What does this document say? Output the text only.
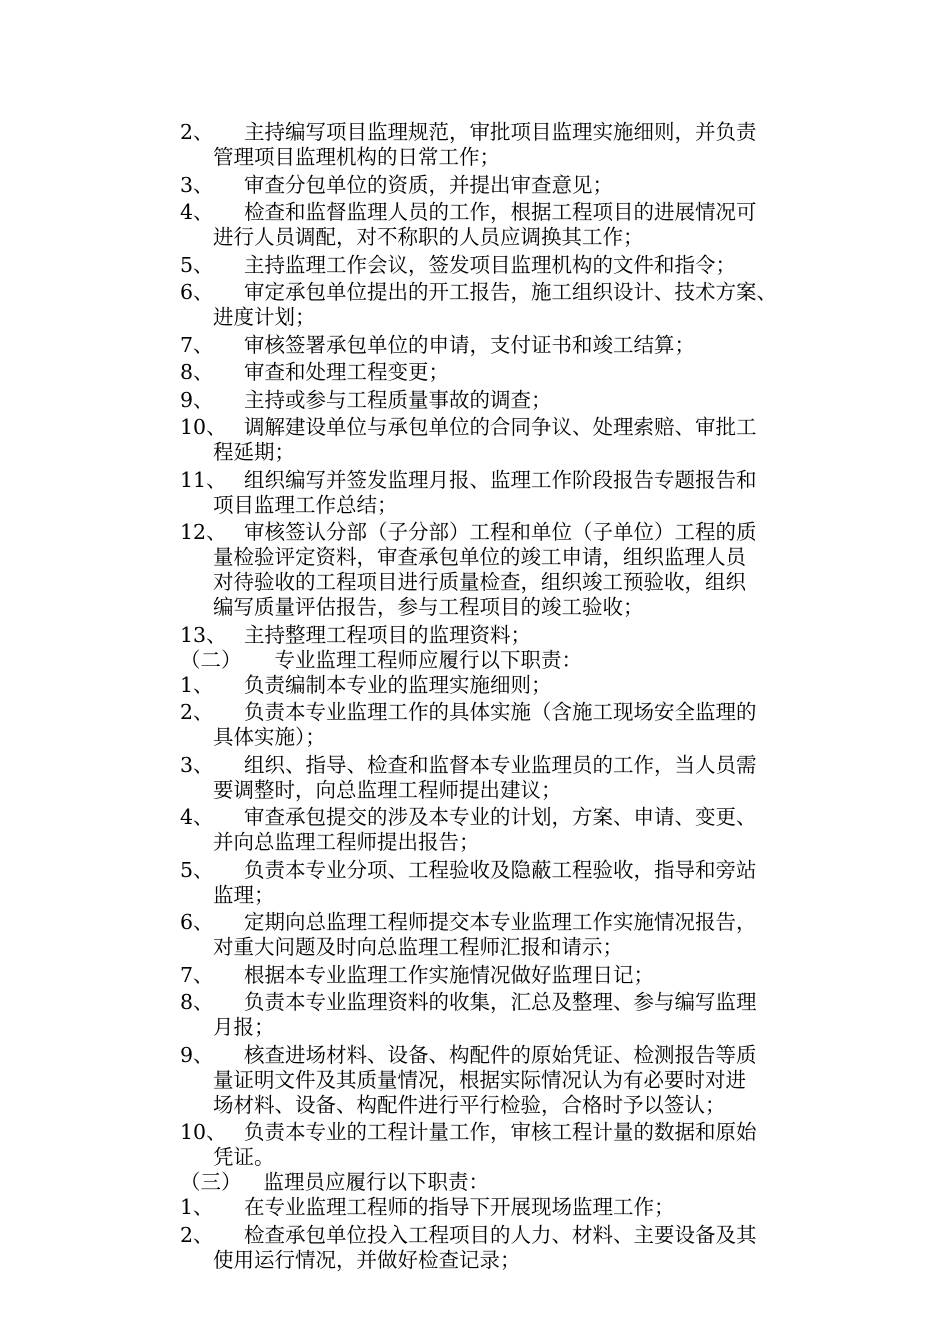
2、 主持编写项目监理规范，审批项目监理实施细则，并负责
管理项目监理机构的日常工作；

3、 审查分包单位的资质，并提出审查意见；

4、 检查和监督监理人员的工作，根据工程项目的进展情况可
进行人员调配，对不称职的人员应调换其工作；

5、 主持监理工作会议，签发项目监理机构的文件和指令；

6、 审定承包单位提出的开工报告，施工组织设计、技术方案、
进度计划；

7、 审核签署承包单位的申请，支付证书和竣工结算；

8、 审查和处理工程变更；

9、 主持或参与工程质量事故的调查；

10、 调解建设单位与承包单位的合同争议、处理索赔、审批工
程延期；

11、 组织编写并签发监理月报、监理工作阶段报告专题报告和
项目监理工作总结；

12、 审核签认分部（子分部）工程和单位（子单位）工程的质
量检验评定资料，审查承包单位的竣工申请，组织监理人员
对待验收的工程项目进行质量检查，组织竣工预验收，组织
编写质量评估报告，参与工程项目的竣工验收；

13、 主持整理工程项目的监理资料；

（二） 专业监理工程师应履行以下职责：

1、 负责编制本专业的监理实施细则；

2、 负责本专业监理工作的具体实施（含施工现场安全监理的
具体实施）；

3、 组织、指导、检查和监督本专业监理员的工作，当人员需
要调整时，向总监理工程师提出建议；

4、 审查承包提交的涉及本专业的计划，方案、申请、变更、
并向总监理工程师提出报告；

5、 负责本专业分项、工程验收及隐蔽工程验收，指导和旁站
监理；

6、 定期向总监理工程师提交本专业监理工作实施情况报告，
对重大问题及时向总监理工程师汇报和请示；

7、 根据本专业监理工作实施情况做好监理日记；

8、 负责本专业监理资料的收集，汇总及整理、参与编写监理
月报；

9、 核查进场材料、设备、构配件的原始凭证、检测报告等质
量证明文件及其质量情况，根据实际情况认为有必要时对进
场材料、设备、构配件进行平行检验，合格时予以签认；

10、 负责本专业的工程计量工作，审核工程计量的数据和原始
凭证。

（三） 监理员应履行以下职责：

1、 在专业监理工程师的指导下开展现场监理工作；

2、 检查承包单位投入工程项目的人力、材料、主要设备及其
使用运行情况，并做好检查记录；
